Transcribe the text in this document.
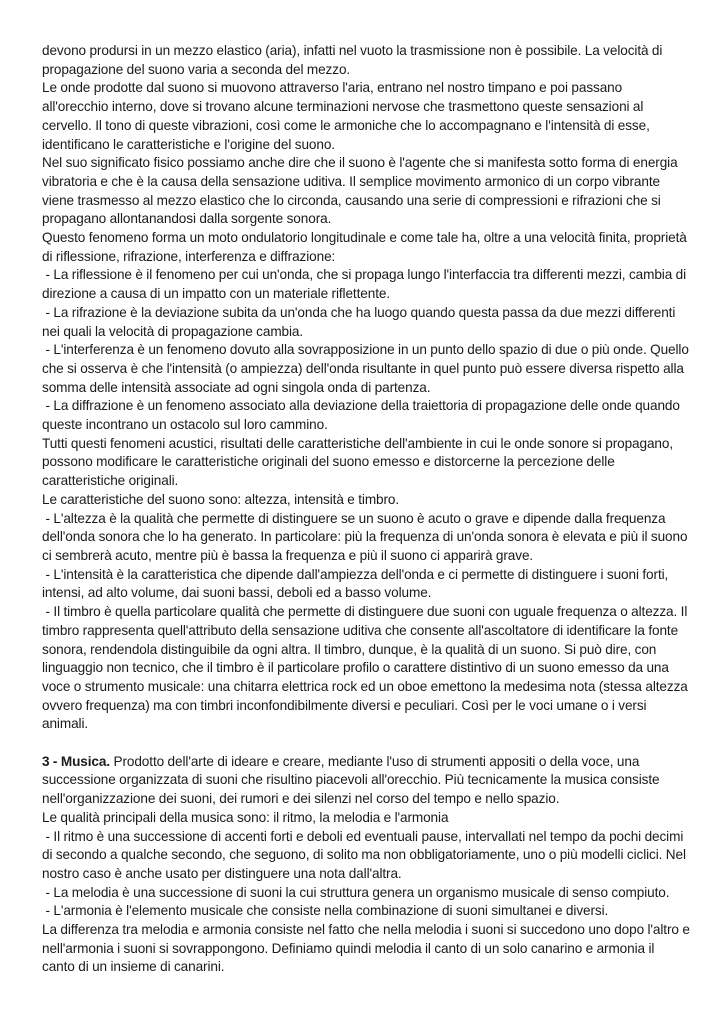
devono prodursi in un mezzo elastico (aria), infatti nel vuoto la trasmissione non è possibile. La velocità di propagazione del suono varia a seconda del mezzo.

Le onde prodotte dal suono si muovono attraverso l'aria, entrano nel nostro timpano e poi passano all'orecchio interno, dove si trovano alcune terminazioni nervose che trasmettono queste sensazioni al cervello. Il tono di queste vibrazioni, così come le armoniche che lo accompagnano e l'intensità di esse, identificano le caratteristiche e l'origine del suono.

Nel suo significato fisico possiamo anche dire che il suono è l'agente che si manifesta sotto forma di energia vibratoria e che è la causa della sensazione uditiva. Il semplice movimento armonico di un corpo vibrante viene trasmesso al mezzo elastico che lo circonda, causando una serie di compressioni e rifrazioni che si propagano allontanandosi dalla sorgente sonora.

Questo fenomeno forma un moto ondulatorio longitudinale e come tale ha, oltre a una velocità finita, proprietà di riflessione, rifrazione, interferenza e diffrazione:

- La riflessione è il fenomeno per cui un'onda, che si propaga lungo l'interfaccia tra differenti mezzi, cambia di direzione a causa di un impatto con un materiale riflettente.

- La rifrazione è la deviazione subita da un'onda che ha luogo quando questa passa da due mezzi differenti nei quali la velocità di propagazione cambia.

- L'interferenza è un fenomeno dovuto alla sovrapposizione in un punto dello spazio di due o più onde. Quello che si osserva è che l'intensità (o ampiezza) dell'onda risultante in quel punto può essere diversa rispetto alla somma delle intensità associate ad ogni singola onda di partenza.

- La diffrazione è un fenomeno associato alla deviazione della traiettoria di propagazione delle onde quando queste incontrano un ostacolo sul loro cammino.

Tutti questi fenomeni acustici, risultati delle caratteristiche dell'ambiente in cui le onde sonore si propagano, possono modificare le caratteristiche originali del suono emesso e distorcerne la percezione delle caratteristiche originali.

Le caratteristiche del suono sono: altezza, intensità e timbro.

- L'altezza è la qualità che permette di distinguere se un suono è acuto o grave e dipende dalla frequenza dell'onda sonora che lo ha generato. In particolare: più la frequenza di un'onda sonora è elevata e più il suono ci sembrerà acuto, mentre più è bassa la frequenza e più il suono ci apparirà grave.

- L'intensità è la caratteristica che dipende dall'ampiezza dell'onda e ci permette di distinguere i suoni forti, intensi, ad alto volume, dai suoni bassi, deboli ed a basso volume.

- Il timbro è quella particolare qualità che permette di distinguere due suoni con uguale frequenza o altezza. Il timbro rappresenta quell'attributo della sensazione uditiva che consente all'ascoltatore di identificare la fonte sonora, rendendola distinguibile da ogni altra. Il timbro, dunque, è la qualità di un suono. Si può dire, con linguaggio non tecnico, che il timbro è il particolare profilo o carattere distintivo di un suono emesso da una voce o strumento musicale: una chitarra elettrica rock ed un oboe emettono la medesima nota (stessa altezza ovvero frequenza) ma con timbri inconfondibilmente diversi e peculiari. Così per le voci umane o i versi animali.

3 - Musica. Prodotto dell'arte di ideare e creare, mediante l'uso di strumenti appositi o della voce, una successione organizzata di suoni che risultino piacevoli all'orecchio. Più tecnicamente la musica consiste nell'organizzazione dei suoni, dei rumori e dei silenzi nel corso del tempo e nello spazio.

Le qualità principali della musica sono: il ritmo, la melodia e l'armonia

- Il ritmo è una successione di accenti forti e deboli ed eventuali pause, intervallati nel tempo da pochi decimi di secondo a qualche secondo, che seguono, di solito ma non obbligatoriamente, uno o più modelli ciclici. Nel nostro caso è anche usato per distinguere una nota dall'altra.

- La melodia è una successione di suoni la cui struttura genera un organismo musicale di senso compiuto.

- L'armonia è l'elemento musicale che consiste nella combinazione di suoni simultanei e diversi.

La differenza tra melodia e armonia consiste nel fatto che nella melodia i suoni si succedono uno dopo l'altro e nell'armonia i suoni si sovrappongono. Definiamo quindi melodia il canto di un solo canarino e armonia il canto di un insieme di canarini.
